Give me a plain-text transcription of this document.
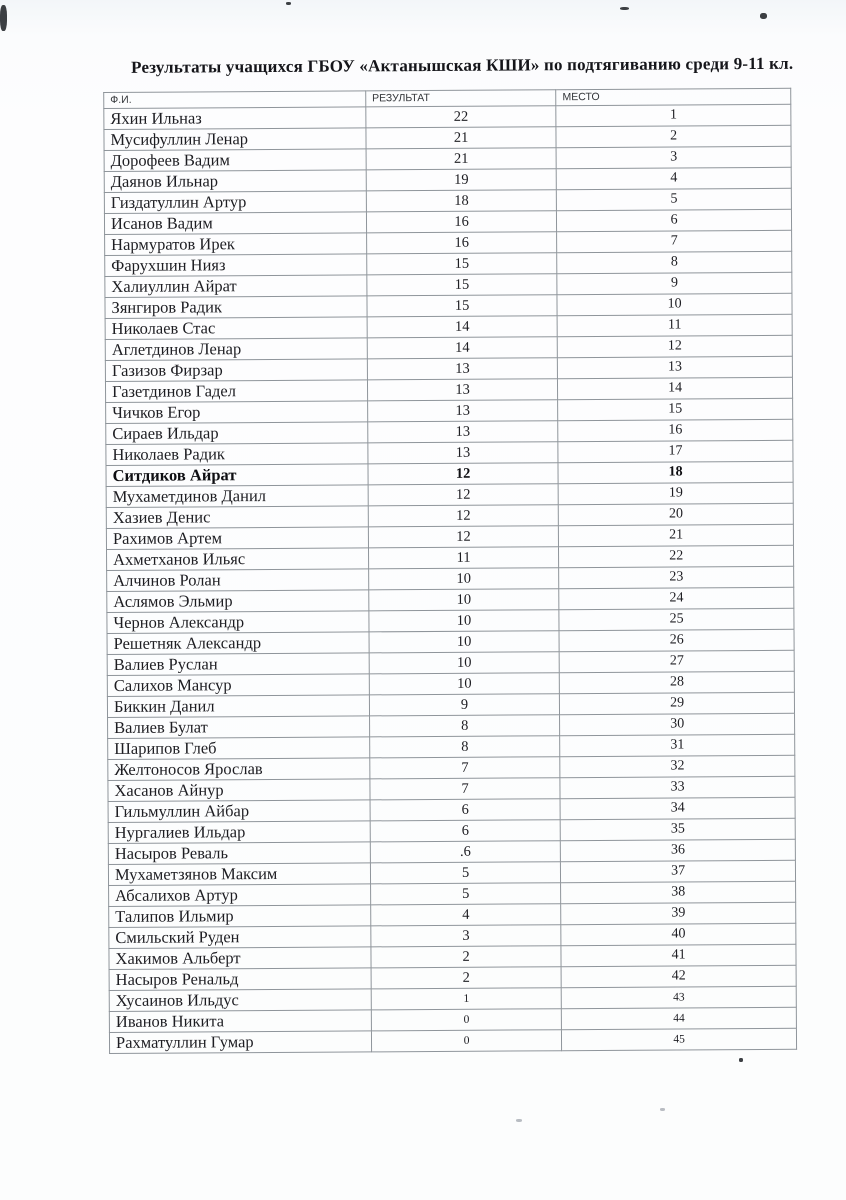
Результаты учащихся ГБОУ «Актанышская КШИ» по подтягиванию среди 9-11 кл.
Ф.И.	РЕЗУЛЬТАТ	МЕСТО
Яхин Ильназ	22	1
Мусифуллин Ленар	21	2
Дорофеев Вадим	21	3
Даянов Ильнар	19	4
Гиздатуллин Артур	18	5
Исанов Вадим	16	6
Нармуратов Ирек	16	7
Фарухшин Нияз	15	8
Халиуллин Айрат	15	9
Зянгиров Радик	15	10
Николаев Стас	14	11
Аглетдинов Ленар	14	12
Газизов Фирзар	13	13
Газетдинов Гадел	13	14
Чичков Егор	13	15
Сираев Ильдар	13	16
Николаев Радик	13	17
Ситдиков Айрат	12	18
Мухаметдинов Данил	12	19
Хазиев Денис	12	20
Рахимов Артем	12	21
Ахметханов Ильяс	11	22
Алчинов Ролан	10	23
Аслямов Эльмир	10	24
Чернов Александр	10	25
Решетняк Александр	10	26
Валиев Руслан	10	27
Салихов Мансур	10	28
Биккин Данил	9	29
Валиев Булат	8	30
Шарипов Глеб	8	31
Желтоносов Ярослав	7	32
Хасанов Айнур	7	33
Гильмуллин Айбар	6	34
Нургалиев Ильдар	6	35
Насыров Реваль	.6	36
Мухаметзянов Максим	5	37
Абсалихов Артур	5	38
Талипов Ильмир	4	39
Смильский Руден	3	40
Хакимов Альберт	2	41
Насыров Ренальд	2	42
Хусаинов Ильдус	1	43
Иванов Никита	0	44
Рахматуллин Гумар	0	45
